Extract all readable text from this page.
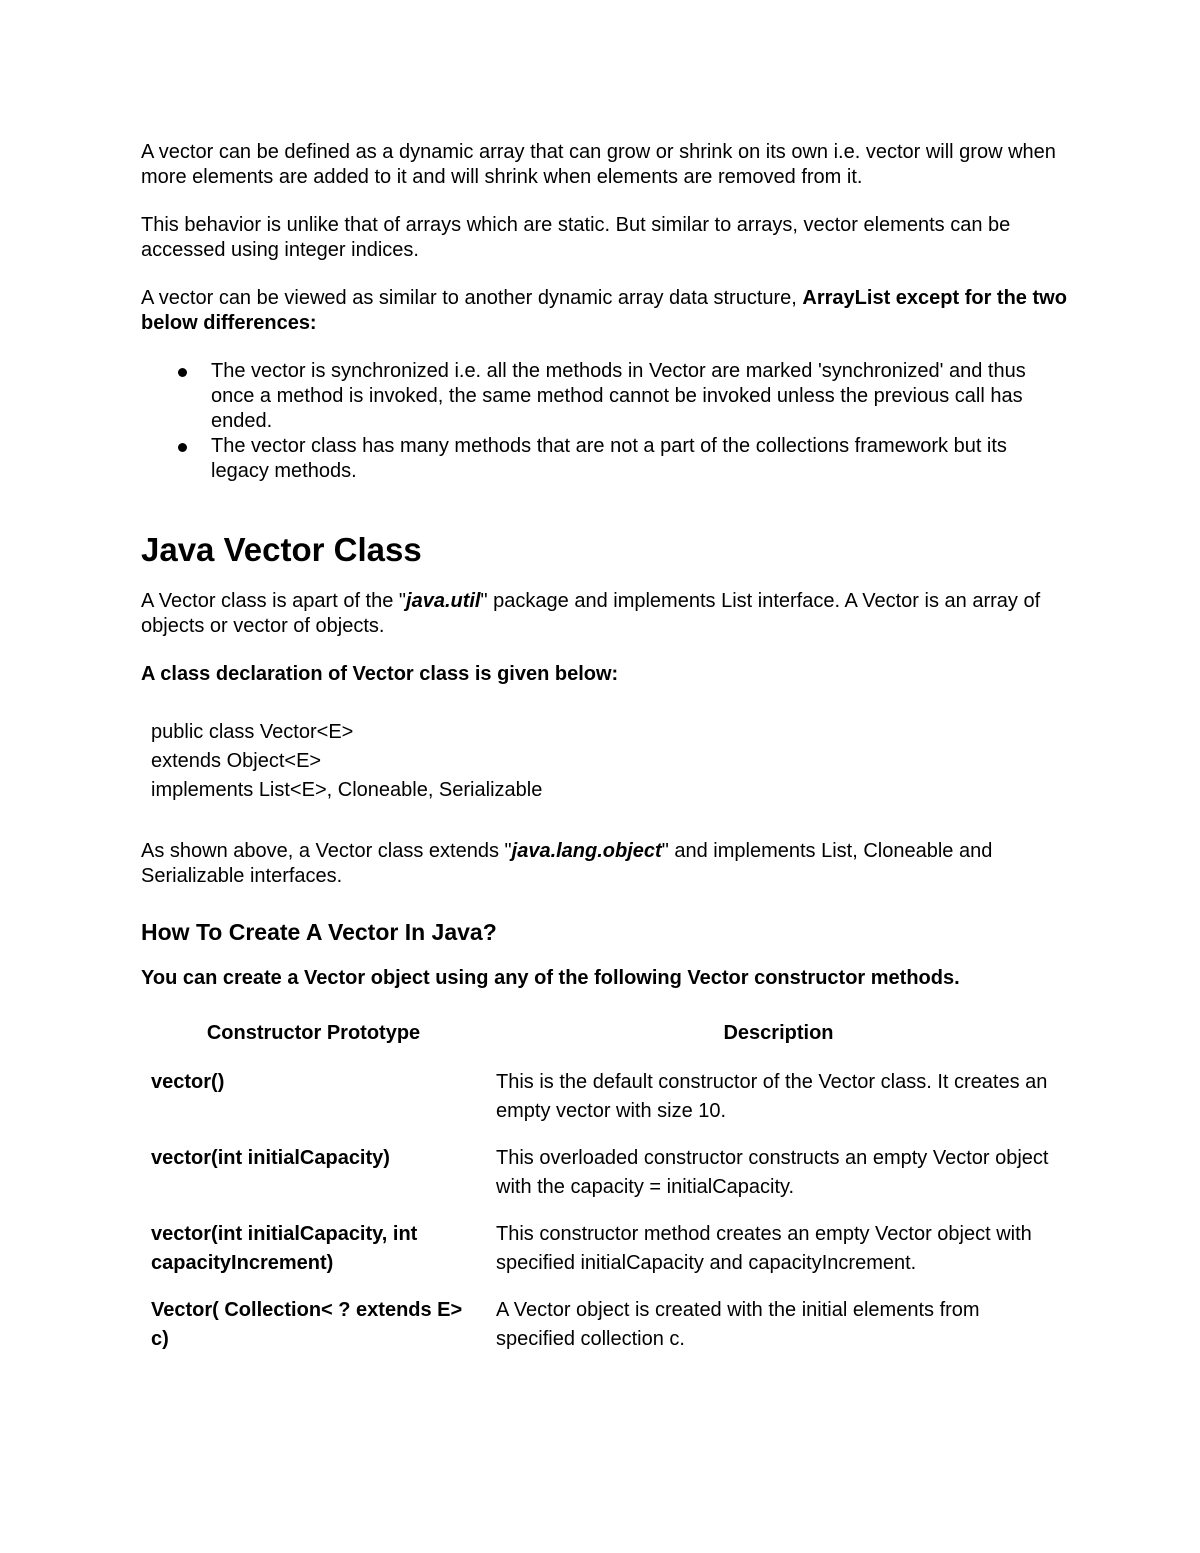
A vector can be defined as a dynamic array that can grow or shrink on its own i.e. vector will grow when more elements are added to it and will shrink when elements are removed from it.

This behavior is unlike that of arrays which are static. But similar to arrays, vector elements can be accessed using integer indices.

A vector can be viewed as similar to another dynamic array data structure, ArrayList except for the two below differences:

The vector is synchronized i.e. all the methods in Vector are marked 'synchronized' and thus once a method is invoked, the same method cannot be invoked unless the previous call has ended.
The vector class has many methods that are not a part of the collections framework but its legacy methods.
Java Vector Class

A Vector class is apart of the "java.util" package and implements List interface. A Vector is an array of objects or vector of objects.

A class declaration of Vector class is given below:

public class Vector<E>
extends Object<E>
implements List<E>, Cloneable, Serializable

As shown above, a Vector class extends "java.lang.object" and implements List, Cloneable and Serializable interfaces.

How To Create A Vector In Java?

You can create a Vector object using any of the following Vector constructor methods.

Constructor Prototype	Description
vector()	This is the default constructor of the Vector class. It creates an empty vector with size 10.
vector(int initialCapacity)	This overloaded constructor constructs an empty Vector object with the capacity = initialCapacity.
vector(int initialCapacity, int capacityIncrement)	This constructor method creates an empty Vector object with specified initialCapacity and capacityIncrement.
Vector( Collection< ? extends E> c)	A Vector object is created with the initial elements from specified collection c.
